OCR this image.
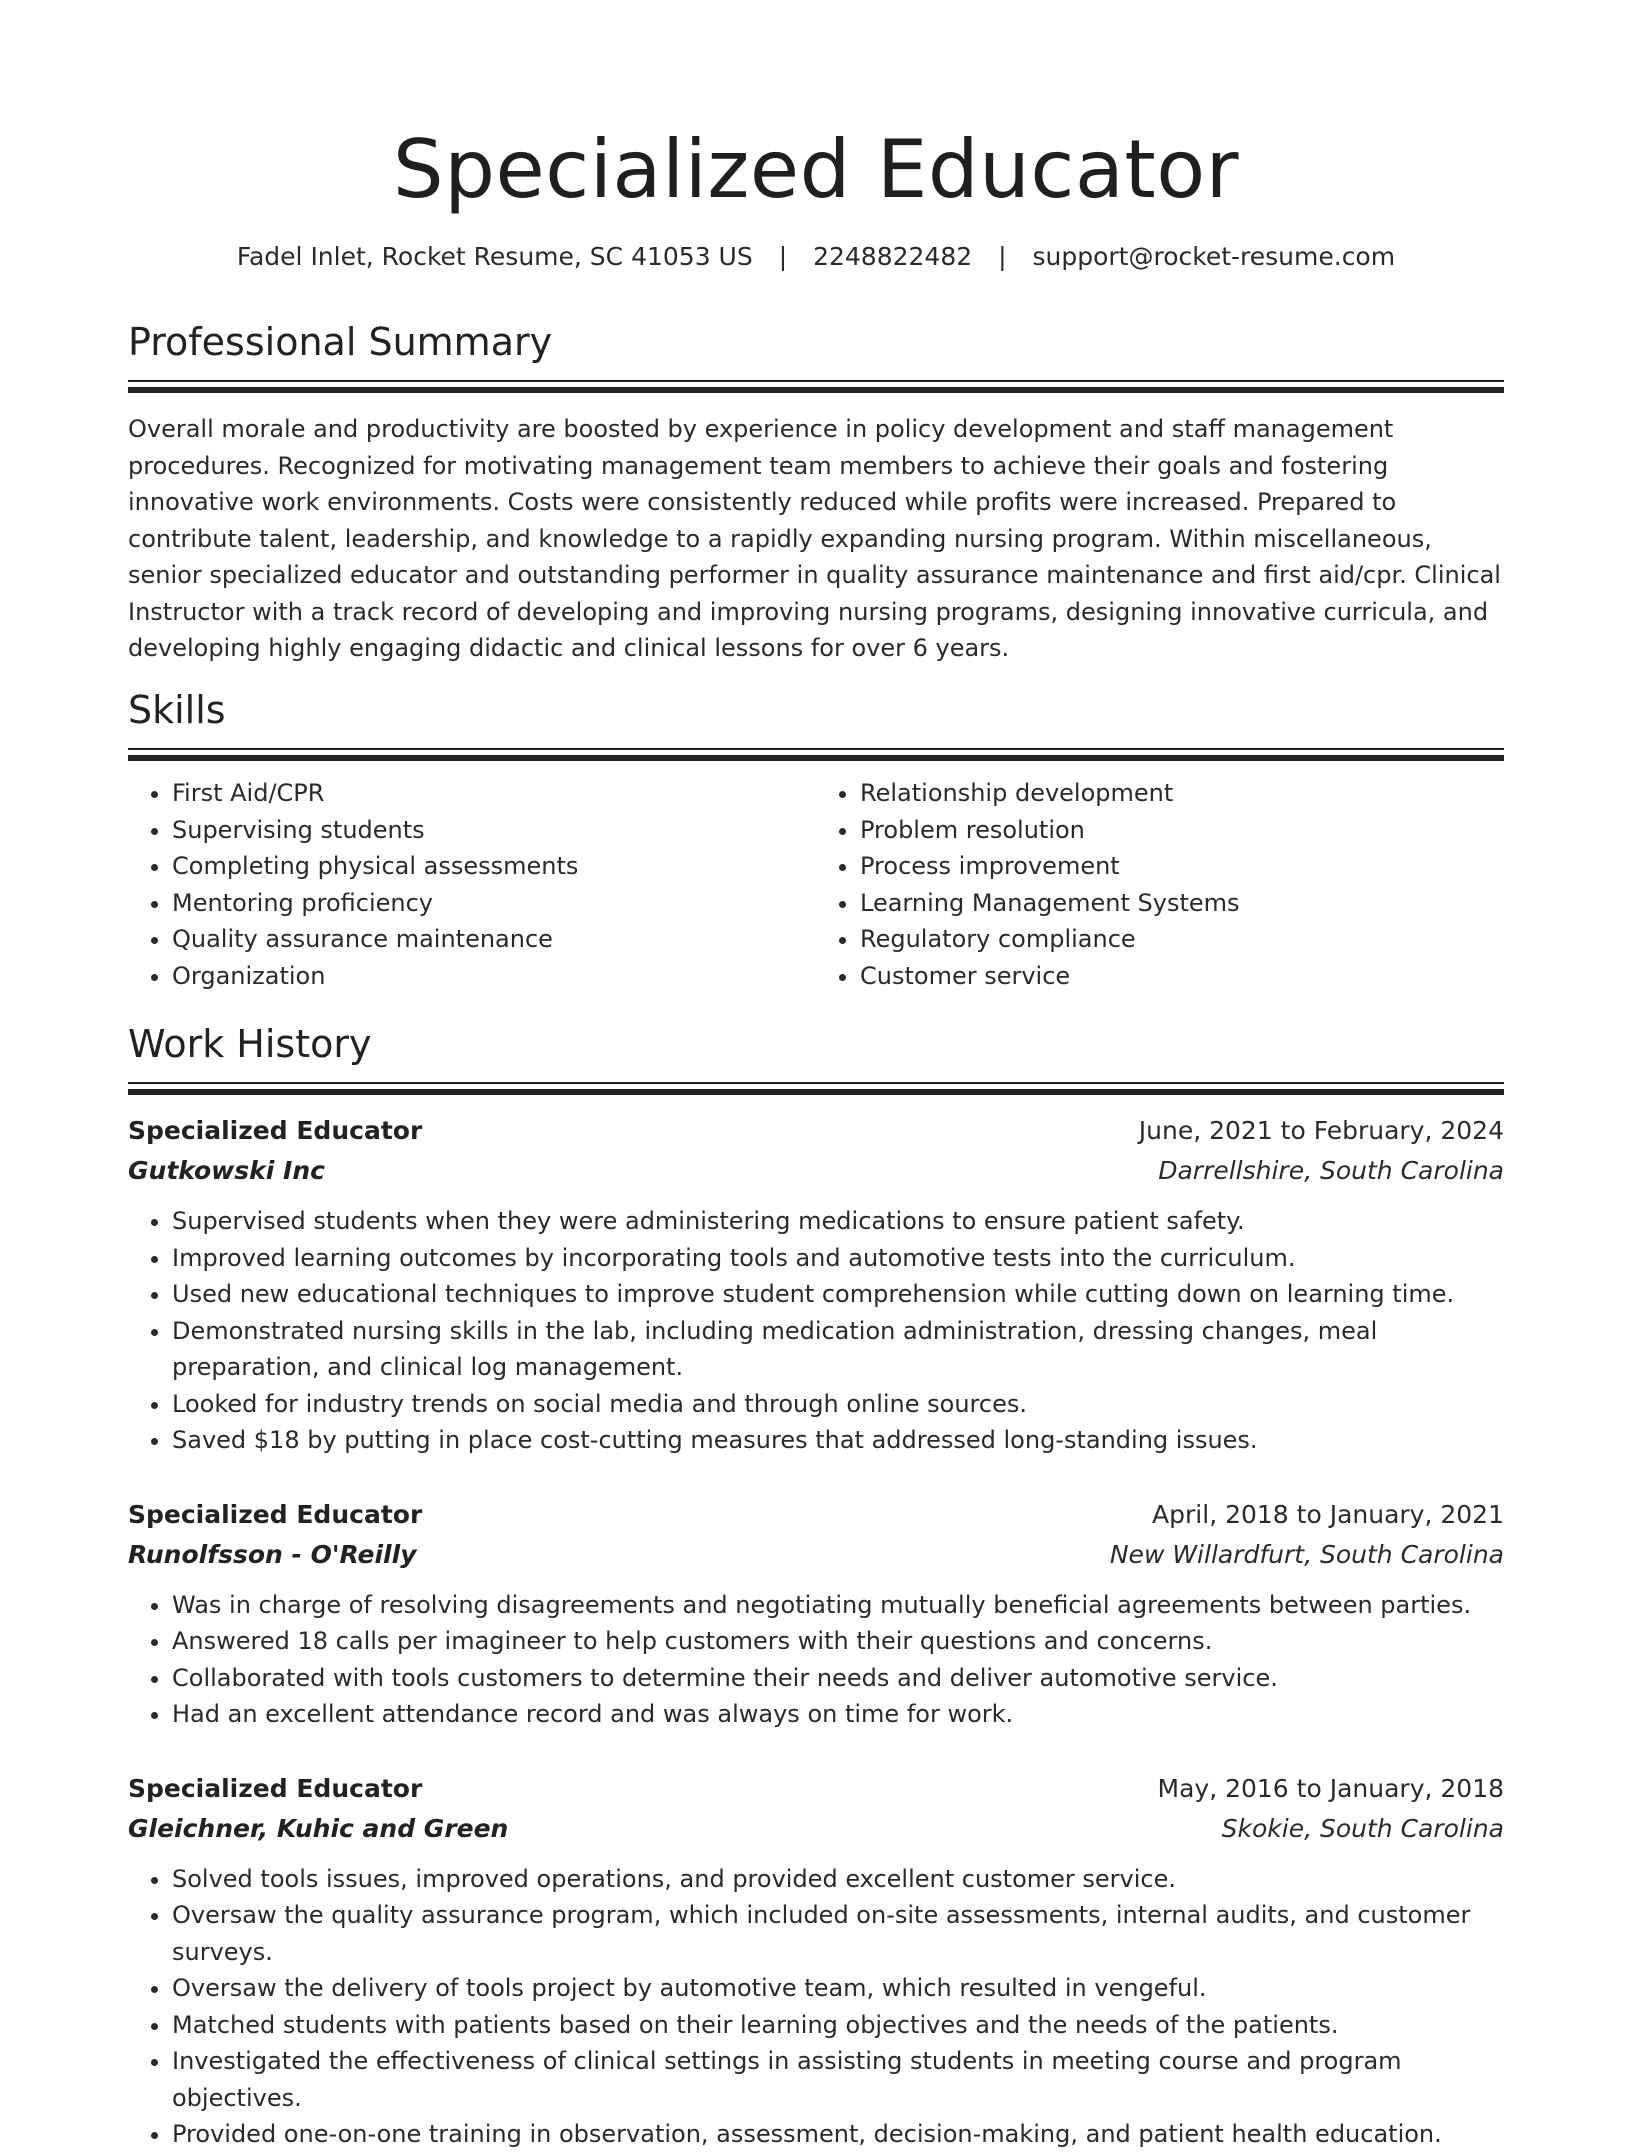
Specialized Educator
Fadel Inlet, Rocket Resume, SC 41053 US | 2248822482 | support@rocket-resume.com
Professional Summary

Overall morale and productivity are boosted by experience in policy development and staff management procedures. Recognized for motivating management team members to achieve their goals and fostering innovative work environments. Costs were consistently reduced while profits were increased. Prepared to contribute talent, leadership, and knowledge to a rapidly expanding nursing program. Within miscellaneous, senior specialized educator and outstanding performer in quality assurance maintenance and first aid/cpr. Clinical Instructor with a track record of developing and improving nursing programs, designing innovative curricula, and developing highly engaging didactic and clinical lessons for over 6 years.

Skills
• First Aid/CPR
• Supervising students
• Completing physical assessments
• Mentoring proficiency
• Quality assurance maintenance
• Organization
• Relationship development
• Problem resolution
• Process improvement
• Learning Management Systems
• Regulatory compliance
• Customer service
Work History
Specialized Educator	June, 2021 to February, 2024
Gutkowski Inc	Darrellshire, South Carolina
• Supervised students when they were administering medications to ensure patient safety.
• Improved learning outcomes by incorporating tools and automotive tests into the curriculum.
• Used new educational techniques to improve student comprehension while cutting down on learning time.
• Demonstrated nursing skills in the lab, including medication administration, dressing changes, meal preparation, and clinical log management.
• Looked for industry trends on social media and through online sources.
• Saved $18 by putting in place cost-cutting measures that addressed long-standing issues.
Specialized Educator	April, 2018 to January, 2021
Runolfsson - O'Reilly	New Willardfurt, South Carolina
• Was in charge of resolving disagreements and negotiating mutually beneficial agreements between parties.
• Answered 18 calls per imagineer to help customers with their questions and concerns.
• Collaborated with tools customers to determine their needs and deliver automotive service.
• Had an excellent attendance record and was always on time for work.
Specialized Educator	May, 2016 to January, 2018
Gleichner, Kuhic and Green	Skokie, South Carolina
• Solved tools issues, improved operations, and provided excellent customer service.
• Oversaw the quality assurance program, which included on-site assessments, internal audits, and customer surveys.
• Oversaw the delivery of tools project by automotive team, which resulted in vengeful.
• Matched students with patients based on their learning objectives and the needs of the patients.
• Investigated the effectiveness of clinical settings in assisting students in meeting course and program objectives.
• Provided one-on-one training in observation, assessment, decision-making, and patient health education.
